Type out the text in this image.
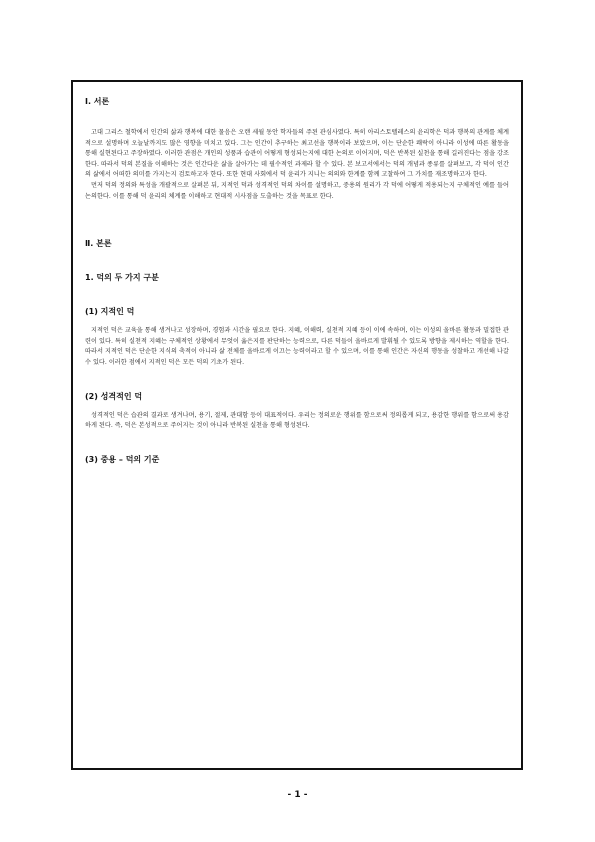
Ⅰ. 서론

고대 그리스 철학에서 인간의 삶과 행복에 대한 물음은 오랜 세월 동안 학자들의 주된 관심사였다. 특히 아리스토텔레스의 윤리학은 덕과 행복의 관계를 체계적으로 설명하며 오늘날까지도 많은 영향을 미치고 있다. 그는 인간이 추구하는 최고선을 행복이라 보았으며, 이는 단순한 쾌락이 아니라 이성에 따른 활동을 통해 실현된다고 주장하였다. 이러한 관점은 개인의 성품과 습관이 어떻게 형성되는지에 대한 논의로 이어지며, 덕은 반복된 실천을 통해 길러진다는 점을 강조한다. 따라서 덕의 본질을 이해하는 것은 인간다운 삶을 살아가는 데 필수적인 과제라 할 수 있다. 본 보고서에서는 덕의 개념과 종류를 살펴보고, 각 덕이 인간의 삶에서 어떠한 의미를 가지는지 검토하고자 한다. 또한 현대 사회에서 덕 윤리가 지니는 의의와 한계를 함께 고찰하여 그 가치를 재조명하고자 한다.

먼저 덕의 정의와 특성을 개괄적으로 살펴본 뒤, 지적인 덕과 성격적인 덕의 차이를 설명하고, 중용의 원리가 각 덕에 어떻게 적용되는지 구체적인 예를 들어 논의한다. 이를 통해 덕 윤리의 체계를 이해하고 현대적 시사점을 도출하는 것을 목표로 한다.

Ⅱ. 본론

1. 덕의 두 가지 구분

(1) 지적인 덕

지적인 덕은 교육을 통해 생겨나고 성장하며, 경험과 시간을 필요로 한다. 지혜, 이해력, 실천적 지혜 등이 이에 속하며, 이는 이성의 올바른 활동과 밀접한 관련이 있다. 특히 실천적 지혜는 구체적인 상황에서 무엇이 옳은지를 판단하는 능력으로, 다른 덕들이 올바르게 발휘될 수 있도록 방향을 제시하는 역할을 한다. 따라서 지적인 덕은 단순한 지식의 축적이 아니라 삶 전체를 올바르게 이끄는 능력이라고 할 수 있으며, 이를 통해 인간은 자신의 행동을 성찰하고 개선해 나갈 수 있다. 이러한 점에서 지적인 덕은 모든 덕의 기초가 된다.

(2) 성격적인 덕

성격적인 덕은 습관의 결과로 생겨나며, 용기, 절제, 관대함 등이 대표적이다. 우리는 정의로운 행위를 함으로써 정의롭게 되고, 용감한 행위를 함으로써 용감하게 된다. 즉, 덕은 본성적으로 주어지는 것이 아니라 반복된 실천을 통해 형성된다.

(3) 중용 – 덕의 기준

- 1 -
